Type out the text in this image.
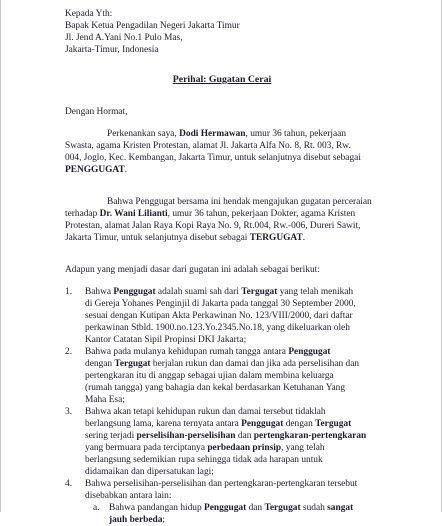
Kepada Yth:
Bapak Ketua Pengadilan Negeri Jakarta Timur
Jl. Jend A.Yani No.1 Pulo Mas,
Jakarta-Timur, Indonesia
Perihal: Gugatan Cerai
Dengan Hormat,
Perkenankan saya, Dodi Hermawan, umur 36 tahun, pekerjaan
Swasta, agama Kristen Protestan, alamat Jl. Jakarta Alfa No. 8, Rt. 003, Rw.
004, Joglo, Kec. Kembangan, Jakarta Timur, untuk selanjutnya disebut sebagai
PENGGUGAT.
Bahwa Penggugat bersama ini hendak mengajukan gugatan perceraian
terhadap Dr. Wani Lilianti, umur 36 tahun, pekerjaan Dokter, agama Kristen
Protestan, alamat Jalan Raya Kopi Raya No. 9, Rt.004, Rw.-006, Dureri Sawit,
Jakarta Timur, untuk selanjutnya disebut sebagai TERGUGAT.
Adapun yang menjadi dasar dari gugatan ini adalah sebagai berikut:
1. Bahwa Penggugat adalah suami sah dari Tergugat yang telah menikah
di Gereja Yohanes Penginjil di Jakarta pada tanggal 30 September 2000,
sesuai dengan Kutipan Akta Perkawinan No. 123/VIII/2000, dari daftar
perkawinan Stbld. 1900.no.123.Yo.2345.No.18, yang dikeluarkan oleh
Kantor Catatan Sipil Propinsi DKI Jakarta;
2. Bahwa pada mulanya kehidupan rumah tangga antara Penggugat
dengan Tergugat berjalan rukun dan damai dan jika ada perselisihan dan
pertengkaran itu di anggap sebagai ujian dalam membina keluarga
(rumah tangga) yang bahagia dan kekal berdasarkan Ketuhanan Yang
Maha Esa;
3. Bahwa akan tetapi kehidupan rukun dan damai tersebut tidaklah
berlangsung lama, karena ternyata antara Penggugat dengan Tergugat
sering terjadi perselisihan-perselisihan dan pertengkaran-pertengkaran
yang bermuara pada terciptanya perbedaan prinsip, yang telah
berlangsung sedemikian rupa sehingga tidak ada harapan untuk
didamaikan dan dipersatukan lagi;
4. Bahwa perselisihan-perselisihan dan pertengkaran-pertengkaran tersebut
disebabkan antara lain:
a. Bahwa pandangan hidup Penggugat dan Tergugat sudah sangat
jauh berbeda;
